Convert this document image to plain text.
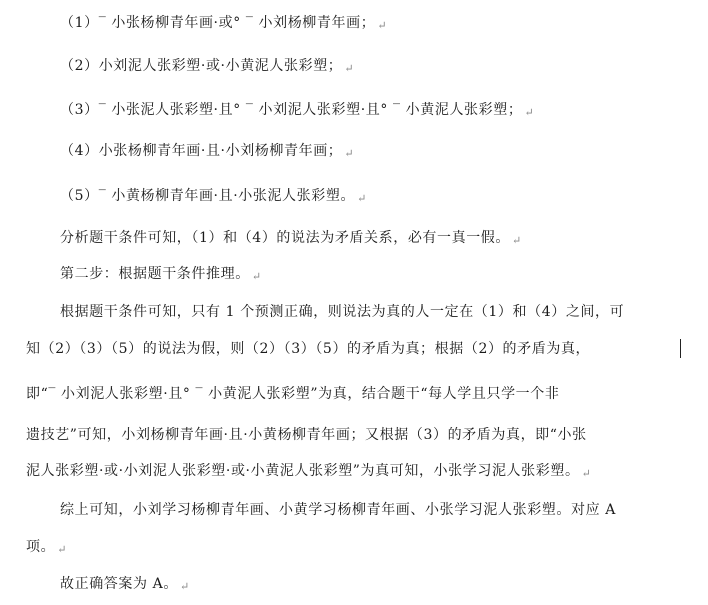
（1）‾ 小张杨柳青年画·或° ‾ 小刘杨柳青年画； ↵
（2）小刘泥人张彩塑·或·小黄泥人张彩塑； ↵
（3）‾ 小张泥人张彩塑·且° ‾ 小刘泥人张彩塑·且° ‾ 小黄泥人张彩塑； ↵
（4）小张杨柳青年画·且·小刘杨柳青年画； ↵
（5）‾ 小黄杨柳青年画·且·小张泥人张彩塑。 ↵
分析题干条件可知，（1）和（4）的说法为矛盾关系，必有一真一假。 ↵
第二步：根据题干条件推理。 ↵
根据题干条件可知，只有 1 个预测正确，则说法为真的人一定在（1）和（4）之间，可
知（2）（3）（5）的说法为假，则（2）（3）（5）的矛盾为真；根据（2）的矛盾为真，
即“‾ 小刘泥人张彩塑·且° ‾ 小黄泥人张彩塑”为真，结合题干“每人学且只学一个非
遗技艺”可知，小刘杨柳青年画·且·小黄杨柳青年画；又根据（3）的矛盾为真，即“小张
泥人张彩塑·或·小刘泥人张彩塑·或·小黄泥人张彩塑”为真可知，小张学习泥人张彩塑。 ↵
综上可知，小刘学习杨柳青年画、小黄学习杨柳青年画、小张学习泥人张彩塑。对应 A
项。 ↵
故正确答案为 A。 ↵
